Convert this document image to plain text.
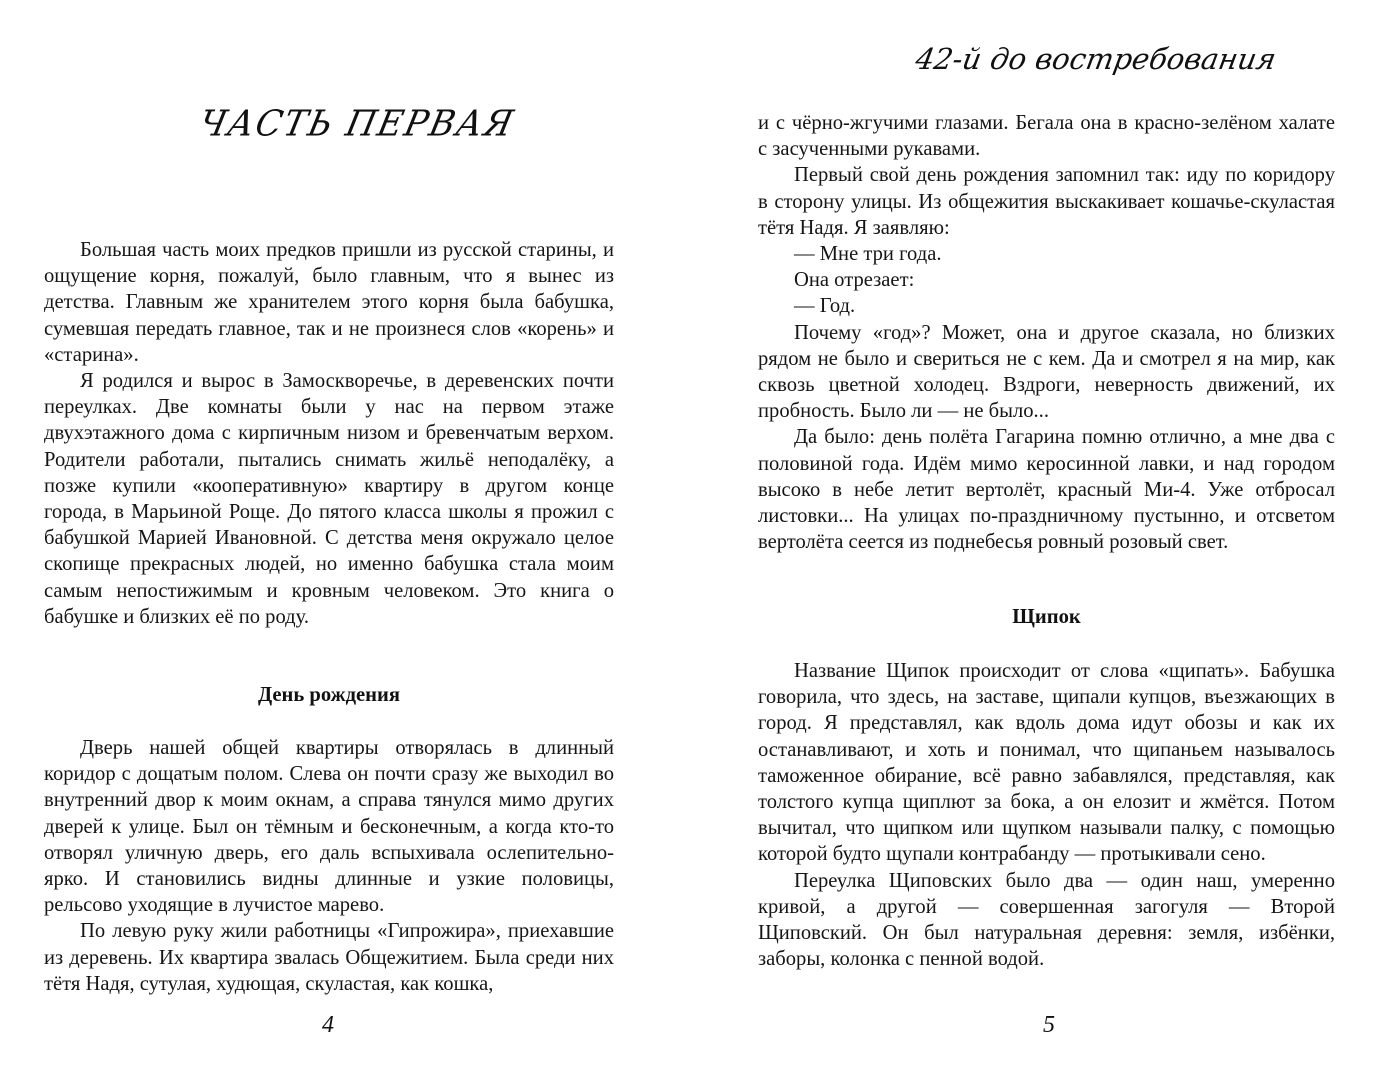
ЧАСТЬ ПЕРВАЯ

Большая часть моих предков пришли из русской старины, и ощущение корня, пожалуй, было главным, что я вынес из детства. Главным же хранителем этого корня была бабушка, сумевшая передать главное, так и не произнеся слов «корень» и «старина».

Я родился и вырос в Замоскворечье, в деревенских почти переулках. Две комнаты были у нас на первом этаже двухэтажного дома с кирпичным низом и бревенчатым верхом. Родители работали, пытались снимать жильё неподалёку, а позже купили «кооперативную» квартиру в другом конце города, в Марьиной Роще. До пятого класса школы я прожил с бабушкой Марией Ивановной. С детства меня окружало целое скопище прекрасных людей, но именно бабушка стала моим самым непостижимым и кровным человеком. Это книга о бабушке и близких её по роду.

День рождения

Дверь нашей общей квартиры отворялась в длинный коридор с дощатым полом. Слева он почти сразу же выходил во внутренний двор к моим окнам, а справа тянулся мимо других дверей к улице. Был он тёмным и бесконечным, а когда кто-то отворял уличную дверь, его даль вспыхивала ослепительно-ярко. И становились видны длинные и узкие половицы, рельсово уходящие в лучистое марево.

По левую руку жили работницы «Гипрожира», приехавшие из деревень. Их квартира звалась Общежитием. Была среди них тётя Надя, сутулая, худющая, скуластая, как кошка,

4
42-й до востребования

и с чёрно-жгучими глазами. Бегала она в красно-зелёном халате с засученными рукавами.

Первый свой день рождения запомнил так: иду по коридору в сторону улицы. Из общежития выскакивает кошачье-скуластая тётя Надя. Я заявляю:

— Мне три года.

Она отрезает:

— Год.

Почему «год»? Может, она и другое сказала, но близких рядом не было и свериться не с кем. Да и смотрел я на мир, как сквозь цветной холодец. Вздроги, неверность движений, их пробность. Было ли — не было...

Да было: день полёта Гагарина помню отлично, а мне два с половиной года. Идём мимо керосинной лавки, и над городом высоко в небе летит вертолёт, красный Ми-4. Уже отбросал листовки... На улицах по-праздничному пустынно, и отсветом вертолёта сеется из поднебесья ровный розовый свет.

Щипок

Название Щипок происходит от слова «щипать». Бабушка говорила, что здесь, на заставе, щипали купцов, въезжающих в город. Я представлял, как вдоль дома идут обозы и как их останавливают, и хоть и понимал, что щипаньем называлось таможенное обирание, всё равно забавлялся, представляя, как толстого купца щиплют за бока, а он елозит и жмётся. Потом вычитал, что щипком или щупком называли палку, с помощью которой будто щупали контрабанду — протыкивали сено.

Переулка Щиповских было два — один наш, умеренно кривой, а другой — совершенная загогуля — Второй Щиповский. Он был натуральная деревня: земля, избёнки, заборы, колонка с пенной водой.

5
